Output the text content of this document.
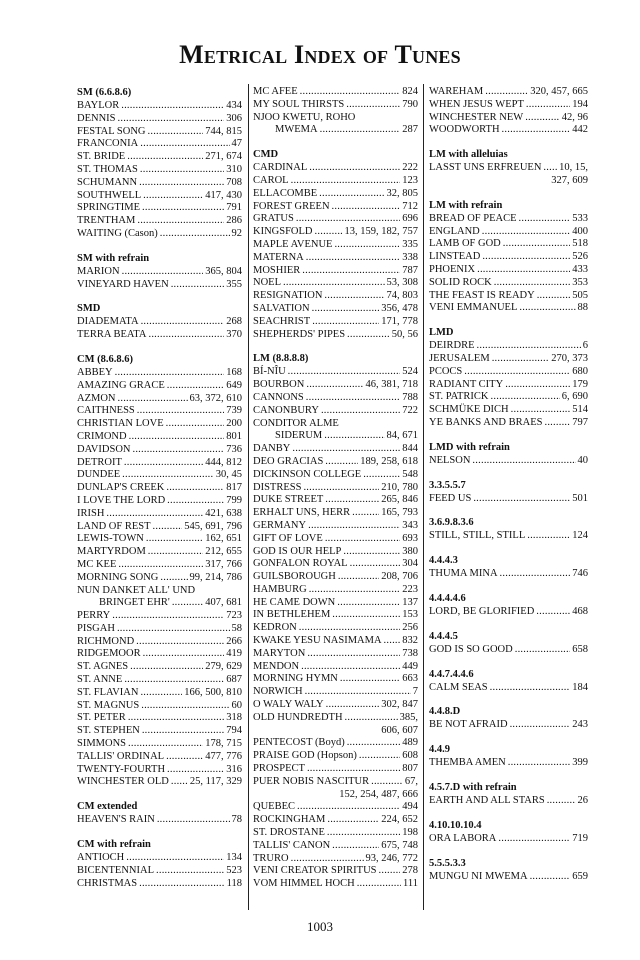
Metrical Index of Tunes
SM (6.6.8.6)
BAYLOR . . .	434
DENNIS . . .	306
FESTAL SONG . . .	744, 815
FRANCONIA . . .	47
ST. BRIDE . . .	271, 674
ST. THOMAS . . .	310
SCHUMANN . . .	708
SOUTHWELL . . .	417, 430
SPRINGTIME . . .	791
TRENTHAM . . .	286
WAITING (Cason) . . .	92
SM with refrain
MARION . . .	365, 804
VINEYARD HAVEN . . .	355
SMD
DIADEMATA . . .	268
TERRA BEATA . . .	370
CM (8.6.8.6)
ABBEY . . .	168
AMAZING GRACE . . .	649
AZMON . . .	63, 372, 610
CAITHNESS . . .	739
CHRISTIAN LOVE . . .	200
CRIMOND . . .	801
DAVIDSON . . .	736
DETROIT . . .	444, 812
DUNDEE . . .	30, 45
DUNLAP'S CREEK . . .	817
I LOVE THE LORD . . .	799
IRISH . . .	421, 638
LAND OF REST . . .	545, 691, 796
LEWIS-TOWN . . .	162, 651
MARTYRDOM . . .	212, 655
MC KEE . . .	317, 766
MORNING SONG . . .	99, 214, 786
NUN DANKET ALL' UND
BRINGET EHR' . . .	407, 681
PERRY . . .	723
PISGAH . . .	58
RICHMOND . . .	266
RIDGEMOOR . . .	419
ST. AGNES . . .	279, 629
ST. ANNE . . .	687
ST. FLAVIAN . . .	166, 500, 810
ST. MAGNUS . . .	60
ST. PETER . . .	318
ST. STEPHEN . . .	794
SIMMONS . . .	178, 715
TALLIS' ORDINAL . . .	477, 776
TWENTY-FOURTH . . .	316
WINCHESTER OLD . . . 25, 117, 329
CM extended
HEAVEN'S RAIN . . .	78
CM with refrain
ANTIOCH . . .	134
BICENTENNIAL . . .	523
CHRISTMAS . . .	118
MC AFEE . . .	824
MY SOUL THIRSTS . . .	790
NJOO KWETU, ROHO
MWEMA . . .	287
CMD
CARDINAL . . .	222
CAROL . . .	123
ELLACOMBE . . .	32, 805
FOREST GREEN . . .	712
GRATUS . . .	696
KINGSFOLD . . .	13, 159, 182, 757
MAPLE AVENUE . . .	335
MATERNA . . .	338
MOSHIER . . .	787
NOEL . . .	53, 308
RESIGNATION . . .	74, 803
SALVATION . . .	356, 478
SEACHRIST . . .	171, 778
SHEPHERDS' PIPES . . .	50, 56
LM (8.8.8.8)
BÍ-NÎU . . .	524
BOURBON . . .	46, 381, 718
CANNONS . . .	788
CANONBURY . . .	722
CONDITOR ALME
SIDERUM . . .	84, 671
DANBY . . .	844
DEO GRACIAS . . .	189, 258, 618
DICKINSON COLLEGE . . .	548
DISTRESS . . .	210, 780
DUKE STREET . . .	265, 846
ERHALT UNS, HERR . . .	165, 793
GERMANY . . .	343
GIFT OF LOVE . . .	693
GOD IS OUR HELP . . .	380
GONFALON ROYAL . . .	304
GUILSBOROUGH . . .	208, 706
HAMBURG . . .	223
HE CAME DOWN . . .	137
IN BETHLEHEM . . .	153
KEDRON . . .	256
KWAKE YESU NASIMAMA . . . 832
MARYTON . . .	738
MENDON . . .	449
MORNING HYMN . . .	663
NORWICH . . .	7
O WALY WALY . . .	302, 847
OLD HUNDREDTH . . .	385,
606, 607
PENTECOST (Boyd) . . .	489
PRAISE GOD (Hopson) . . .	608
PROSPECT . . .	807
PUER NOBIS NASCITUR . . .	67,
152, 254, 487, 666
QUEBEC . . .	494
ROCKINGHAM . . .	224, 652
ST. DROSTANE . . .	198
TALLIS' CANON . . .	675, 748
TRURO . . .	93, 246, 772
VENI CREATOR SPIRITUS . . . 278
VOM HIMMEL HOCH . . .	111
WAREHAM . . .	320, 457, 665
WHEN JESUS WEPT . . .	194
WINCHESTER NEW . . .	42, 96
WOODWORTH . . .	442
LM with alleluias
LASST UNS ERFREUEN . . . 10, 15,
327, 609
LM with refrain
BREAD OF PEACE . . .	533
ENGLAND . . .	400
LAMB OF GOD . . .	518
LINSTEAD . . .	526
PHOENIX . . .	433
SOLID ROCK . . .	353
THE FEAST IS READY . . .	505
VENI EMMANUEL . . .	88
LMD
DEIRDRE . . .	6
JERUSALEM . . .	270, 373
PCOCS . . .	680
RADIANT CITY . . .	179
ST. PATRICK . . .	6, 690
SCHMÜKE DICH . . .	514
YE BANKS AND BRAES . . .	797
LMD with refrain
NELSON . . .	40
3.3.5.5.7
FEED US . . .	501
3.6.9.8.3.6
STILL, STILL, STILL . . .	124
4.4.4.3
THUMA MINA . . .	746
4.4.4.4.6
LORD, BE GLORIFIED . . .	468
4.4.4.5
GOD IS SO GOOD . . .	658
4.4.7.4.4.6
CALM SEAS . . .	184
4.4.8.D
BE NOT AFRAID . . .	243
4.4.9
THEMBA AMEN . . .	399
4.5.7.D with refrain
EARTH AND ALL STARS . . .	26
4.10.10.10.4
ORA LABORA . . .	719
5.5.5.3.3
MUNGU NI MWEMA . . .	659
1003
